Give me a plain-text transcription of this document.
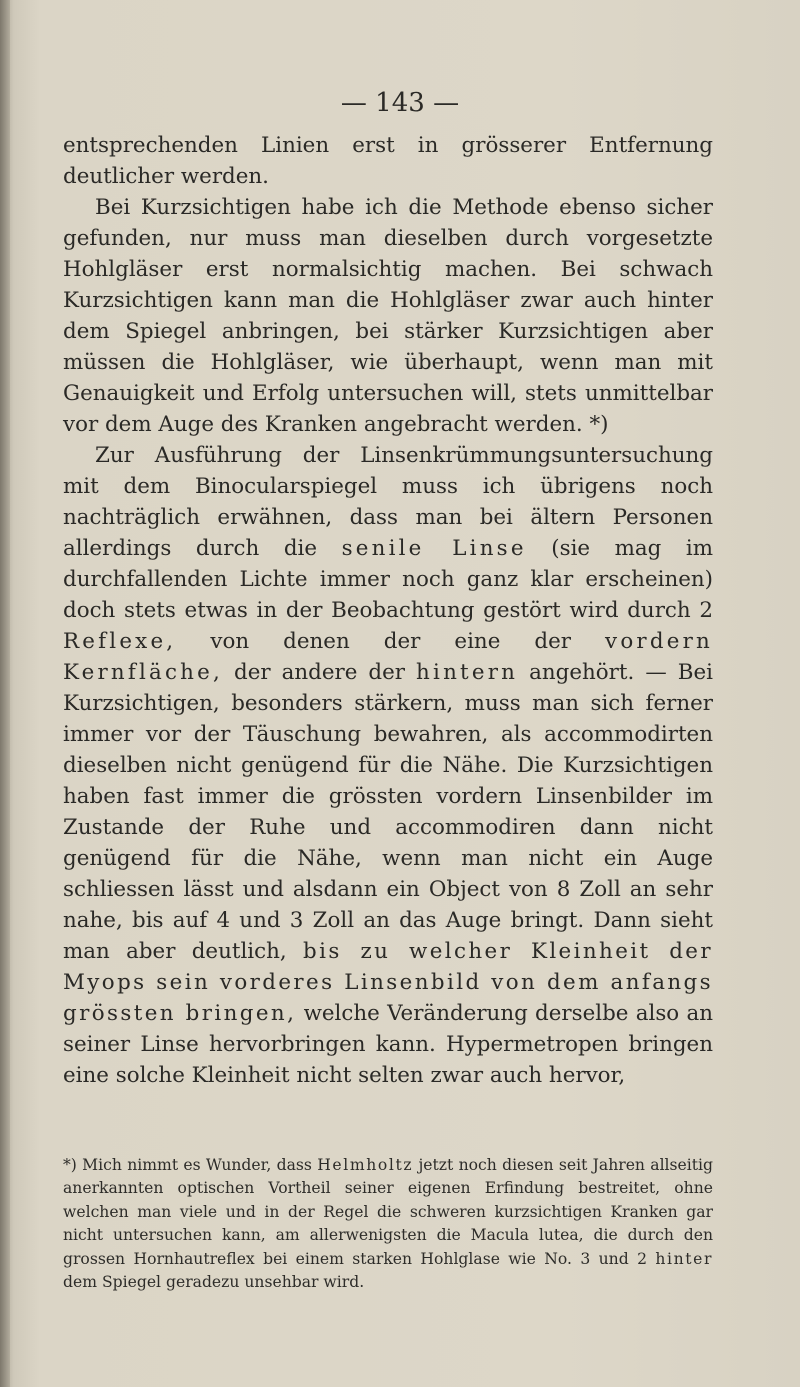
— 143 —

entsprechenden Linien erst in grösserer Entfernung deutlicher werden.

Bei Kurzsichtigen habe ich die Methode ebenso sicher gefunden, nur muss man dieselben durch vorgesetzte Hohlgläser erst normalsichtig machen. Bei schwach Kurzsichtigen kann man die Hohlgläser zwar auch hinter dem Spiegel anbringen, bei stärker Kurzsichtigen aber müssen die Hohlgläser, wie überhaupt, wenn man mit Genauigkeit und Erfolg untersuchen will, stets unmittelbar vor dem Auge des Kranken angebracht werden. *)

Zur Ausführung der Linsenkrümmungsuntersuchung mit dem Binocularspiegel muss ich übrigens noch nachträglich erwähnen, dass man bei ältern Personen allerdings durch die senile Linse (sie mag im durchfallenden Lichte immer noch ganz klar erscheinen) doch stets etwas in der Beobachtung gestört wird durch 2 Reflexe, von denen der eine der vordern Kernfläche, der andere der hintern angehört. — Bei Kurzsichtigen, besonders stärkern, muss man sich ferner immer vor der Täuschung bewahren, als accommodirten dieselben nicht genügend für die Nähe. Die Kurzsichtigen haben fast immer die grössten vordern Linsenbilder im Zustande der Ruhe und accommodiren dann nicht genügend für die Nähe, wenn man nicht ein Auge schliessen lässt und alsdann ein Object von 8 Zoll an sehr nahe, bis auf 4 und 3 Zoll an das Auge bringt. Dann sieht man aber deutlich, bis zu welcher Kleinheit der Myops sein vorderes Linsenbild von dem anfangs grössten bringen, welche Veränderung derselbe also an seiner Linse hervorbringen kann. Hypermetropen bringen eine solche Kleinheit nicht selten zwar auch hervor,

*) Mich nimmt es Wunder, dass Helmholtz jetzt noch diesen seit Jahren allseitig anerkannten optischen Vortheil seiner eigenen Erfindung bestreitet, ohne welchen man viele und in der Regel die schweren kurzsichtigen Kranken gar nicht untersuchen kann, am allerwenigsten die Macula lutea, die durch den grossen Hornhautreflex bei einem starken Hohlglase wie No. 3 und 2 hinter dem Spiegel geradezu unsehbar wird.
